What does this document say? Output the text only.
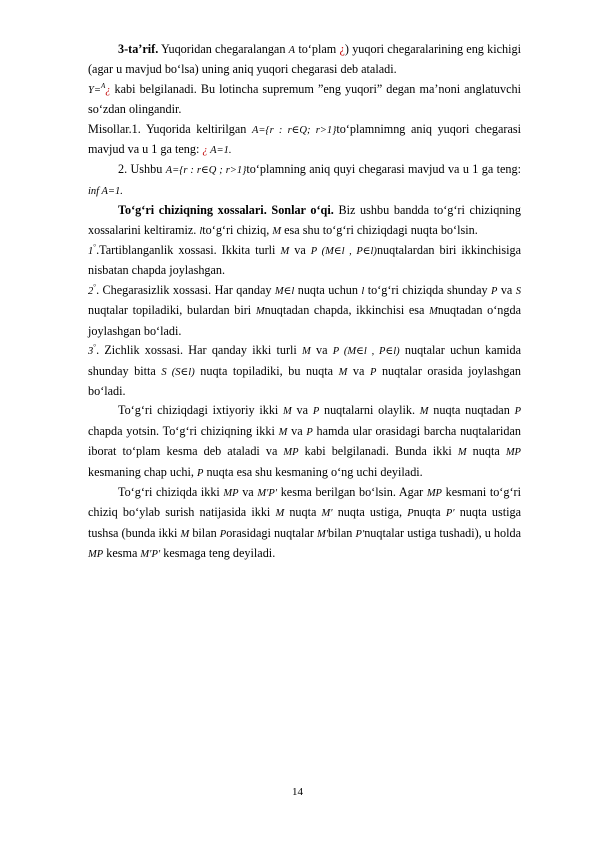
3-ta’rif. Yuqoridan chegaralangan A to‘plam ¿) yuqori chegaralarining eng kichigi (agar u mavjud bo‘lsa) uning aniq yuqori chegarasi deb ataladi.

Y=$^A$¿ kabi belgilanadi. Bu lotincha supremum ”eng yuqori” degan ma’noni anglatuvchi so‘zdan olingandir.

Misollar.1. Yuqorida keltirilgan A={r : r∈Q; r>1}to‘plamnimng aniq yuqori chegarasi mavjud va u 1 ga teng: ¿ A=1.

2. Ushbu A={r : r∈Q ; r>1}to‘plamning aniq quyi chegarasi mavjud va u 1 ga teng: inf A=1.

To‘g‘ri chiziqning xossalari. Sonlar o‘qi. Biz ushbu bandda to‘g‘ri chiziqning xossalarini keltiramiz. lto‘g‘ri chiziq, M esa shu to‘g‘ri chiziqdagi nuqta bo‘lsin.

1°.Tartiblanganlik xossasi. Ikkita turli M va P (M∈l , P∈l)nuqtalardan biri ikkinchisiga nisbatan chapda joylashgan.

2°. Chegarasizlik xossasi. Har qanday M∈l nuqta uchun l to‘g‘ri chiziqda shunday P va S nuqtalar topiladiki, bulardan biri Mnuqtadan chapda, ikkinchisi esa Mnuqtadan o‘ngda joylashgan bo‘ladi.

3°. Zichlik xossasi. Har qanday ikki turli M va P (M∈l , P∈l) nuqtalar uchun kamida shunday bitta S (S∈l) nuqta topiladiki, bu nuqta M va P nuqtalar orasida joylashgan bo‘ladi.

To‘g‘ri chiziqdagi ixtiyoriy ikki M va P nuqtalarni olaylik. M nuqta nuqtadan P chapda yotsin. To‘g‘ri chiziqning ikki M va P hamda ular orasidagi barcha nuqtalaridan iborat to‘plam kesma deb ataladi va MP kabi belgilanadi. Bunda ikki M nuqta MP kesmaning chap uchi, P nuqta esa shu kesmaning o‘ng uchi deyiladi.

To‘g‘ri chiziqda ikki MP va M′P′ kesma berilgan bo‘lsin. Agar MP kesmani to‘g‘ri chiziq bo‘ylab surish natijasida ikki M nuqta M′ nuqta ustiga, Pnuqta P′ nuqta ustiga tushsa (bunda ikki M bilan Porasidagi nuqtalar M′bilan P′nuqtalar ustiga tushadi), u holda MP kesma M′P′ kesmaga teng deyiladi.

14
